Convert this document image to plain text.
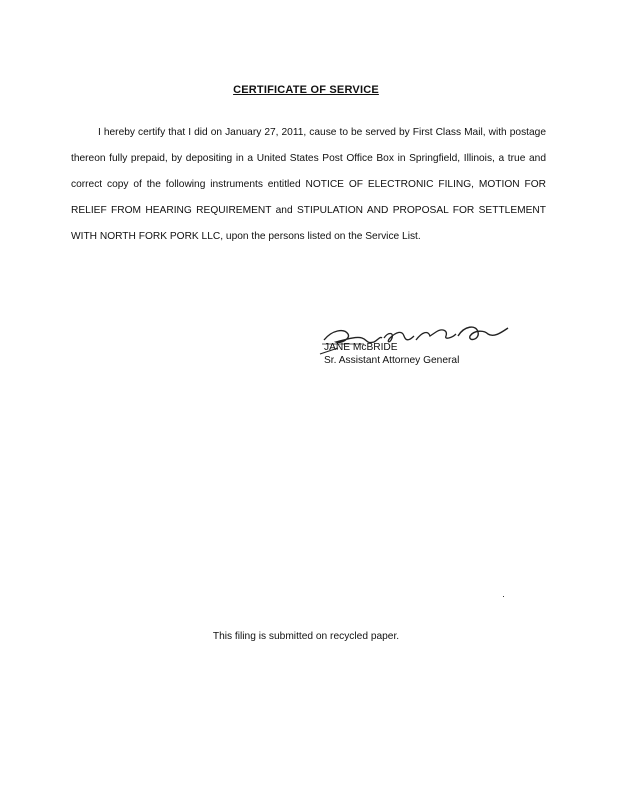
CERTIFICATE OF SERVICE
I hereby certify that I did on January 27, 2011, cause to be served by First Class Mail, with postage thereon fully prepaid, by depositing in a United States Post Office Box in Springfield, Illinois, a true and correct copy of the following instruments entitled NOTICE OF ELECTRONIC FILING, MOTION FOR RELIEF FROM HEARING REQUIREMENT and STIPULATION AND PROPOSAL FOR SETTLEMENT WITH NORTH FORK PORK LLC, upon the persons listed on the Service List.
JANE McBRIDE
Sr. Assistant Attorney General
This filing is submitted on recycled paper.
